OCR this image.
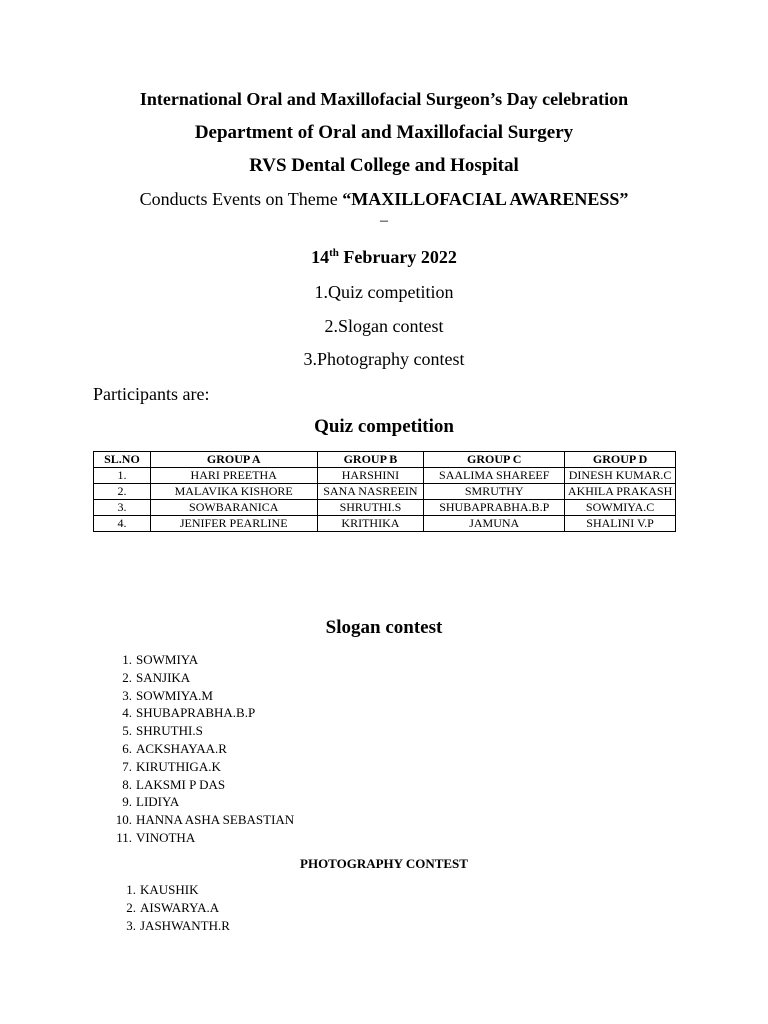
International Oral and Maxillofacial Surgeon’s Day celebration
Department of Oral and Maxillofacial Surgery
RVS Dental College and Hospital
Conducts Events on Theme “MAXILLOFACIAL AWARENESS”
–
14th February 2022
1.Quiz competition
2.Slogan contest
3.Photography contest
Participants are:
Quiz competition
SL.NO	GROUP A	GROUP B	GROUP C	GROUP D
1.	HARI PREETHA	HARSHINI	SAALIMA SHAREEF	DINESH KUMAR.C
2.	MALAVIKA KISHORE	SANA NASREEIN	SMRUTHY	AKHILA PRAKASH
3.	SOWBARANICA	SHRUTHI.S	SHUBAPRABHA.B.P	SOWMIYA.C
4.	JENIFER PEARLINE	KRITHIKA	JAMUNA	SHALINI V.P
Slogan contest
1. SOWMIYA
2. SANJIKA
3. SOWMIYA.M
4. SHUBAPRABHA.B.P
5. SHRUTHI.S
6. ACKSHAYAA.R
7. KIRUTHIGA.K
8. LAKSMI P DAS
9. LIDIYA
10. HANNA ASHA SEBASTIAN
11. VINOTHA
PHOTOGRAPHY CONTEST
1. KAUSHIK
2. AISWARYA.A
3. JASHWANTH.R
